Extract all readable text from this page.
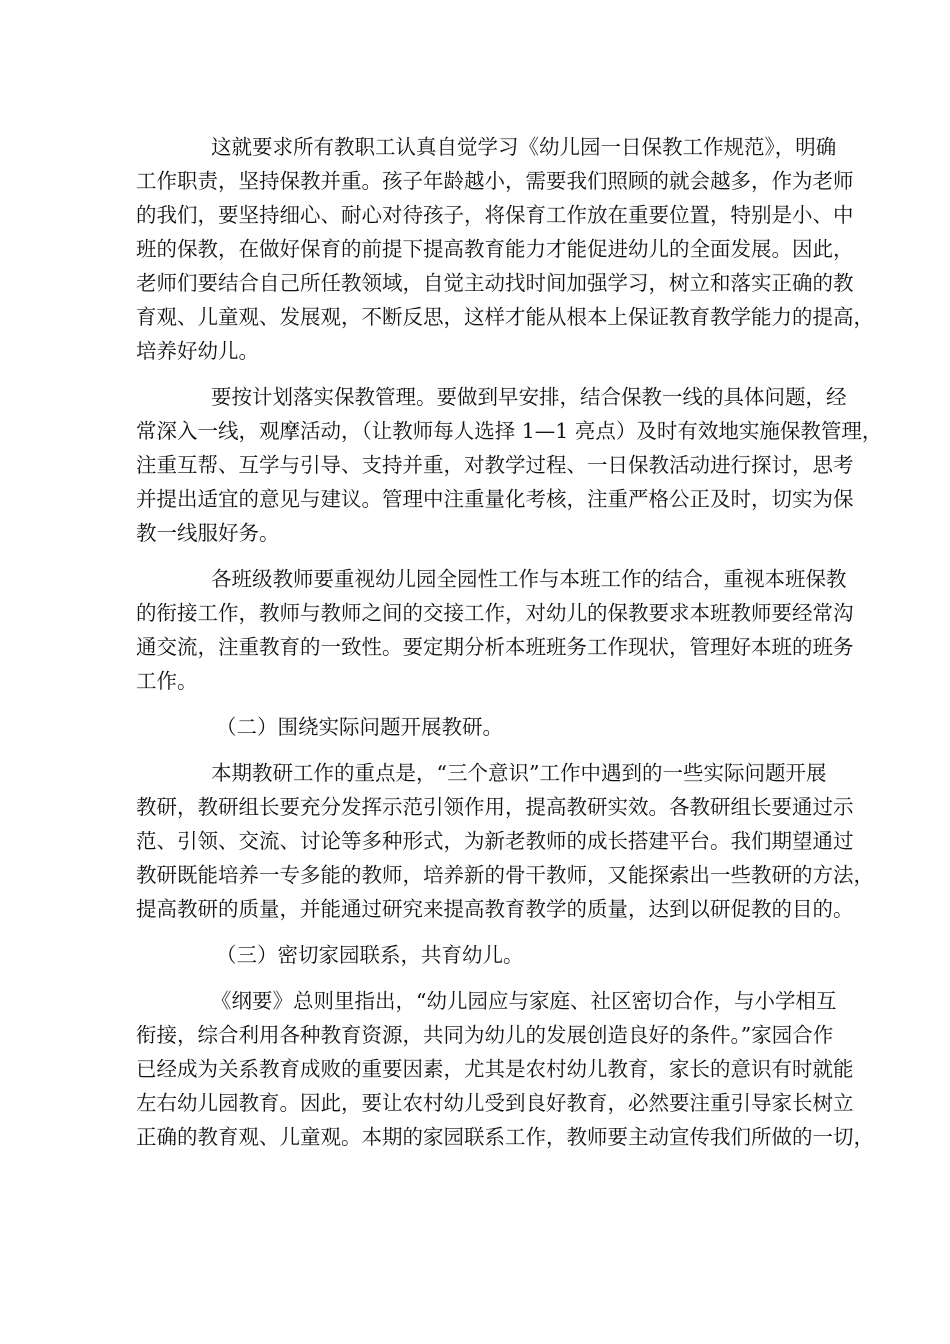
这就要求所有教职工认真自觉学习《幼儿园一日保教工作规范》，明确
工作职责，坚持保教并重。孩子年龄越小，需要我们照顾的就会越多，作为老师
的我们，要坚持细心、耐心对待孩子，将保育工作放在重要位置，特别是小、中
班的保教，在做好保育的前提下提高教育能力才能促进幼儿的全面发展。因此，
老师们要结合自己所任教领域，自觉主动找时间加强学习，树立和落实正确的教
育观、儿童观、发展观，不断反思，这样才能从根本上保证教育教学能力的提高，
培养好幼儿。
要按计划落实保教管理。要做到早安排，结合保教一线的具体问题，经
常深入一线，观摩活动，（让教师每人选择 1—1 亮点）及时有效地实施保教管理，
注重互帮、互学与引导、支持并重，对教学过程、一日保教活动进行探讨，思考
并提出适宜的意见与建议。管理中注重量化考核，注重严格公正及时，切实为保
教一线服好务。
各班级教师要重视幼儿园全园性工作与本班工作的结合，重视本班保教
的衔接工作，教师与教师之间的交接工作，对幼儿的保教要求本班教师要经常沟
通交流，注重教育的一致性。要定期分析本班班务工作现状，管理好本班的班务
工作。
（二）围绕实际问题开展教研。
本期教研工作的重点是，“三个意识”工作中遇到的一些实际问题开展
教研，教研组长要充分发挥示范引领作用，提高教研实效。各教研组长要通过示
范、引领、交流、讨论等多种形式，为新老教师的成长搭建平台。我们期望通过
教研既能培养一专多能的教师，培养新的骨干教师，又能探索出一些教研的方法，
提高教研的质量，并能通过研究来提高教育教学的质量，达到以研促教的目的。
（三）密切家园联系，共育幼儿。
《纲要》总则里指出，“幼儿园应与家庭、社区密切合作，与小学相互
衔接，综合利用各种教育资源，共同为幼儿的发展创造良好的条件。”家园合作
已经成为关系教育成败的重要因素，尤其是农村幼儿教育，家长的意识有时就能
左右幼儿园教育。因此，要让农村幼儿受到良好教育，必然要注重引导家长树立
正确的教育观、儿童观。本期的家园联系工作，教师要主动宣传我们所做的一切，
